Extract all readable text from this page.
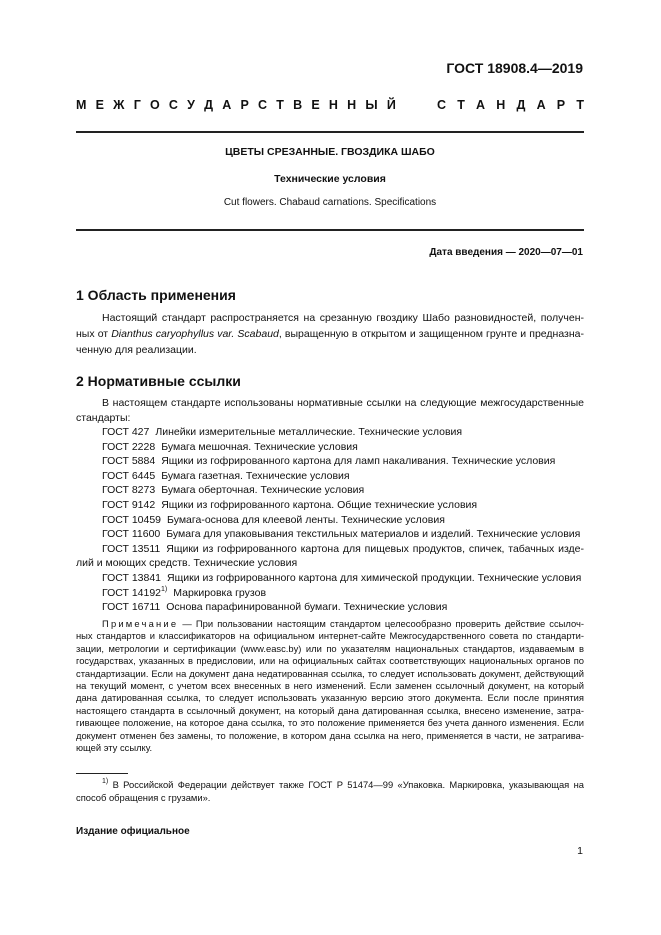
ГОСТ 18908.4—2019
М Е Ж Г О С У Д А Р С Т В Е Н Н Ы Й	С Т А Н Д А Р Т
ЦВЕТЫ СРЕЗАННЫЕ. ГВОЗДИКА ШАБО
Технические условия
Cut flowers. Chabaud carnations. Specifications
Дата введения — 2020—07—01
1 Область применения
Настоящий стандарт распространяется на срезанную гвоздику Шабо разновидностей, получен-ных от Dianthus caryophyllus var. Scabaud, выращенную в открытом и защищенном грунте и предназна-ченную для реализации.
2 Нормативные ссылки
В настоящем стандарте использованы нормативные ссылки на следующие межгосударственные стандарты:
ГОСТ 427 Линейки измерительные металлические. Технические условия
ГОСТ 2228 Бумага мешочная. Технические условия
ГОСТ 5884 Ящики из гофрированного картона для ламп накаливания. Технические условия
ГОСТ 6445 Бумага газетная. Технические условия
ГОСТ 8273 Бумага оберточная. Технические условия
ГОСТ 9142 Ящики из гофрированного картона. Общие технические условия
ГОСТ 10459 Бумага-основа для клеевой ленты. Технические условия
ГОСТ 11600 Бумага для упаковывания текстильных материалов и изделий. Технические условия
ГОСТ 13511 Ящики из гофрированного картона для пищевых продуктов, спичек, табачных изде-лий и моющих средств. Технические условия
ГОСТ 13841 Ящики из гофрированного картона для химической продукции. Технические условия
ГОСТ 14192$^{1)}$ Маркировка грузов
ГОСТ 16711 Основа парафинированной бумаги. Технические условия
Примечание — При пользовании настоящим стандартом целесообразно проверить действие ссылоч-ных стандартов и классификаторов на официальном интернет-сайте Межгосударственного совета по стандарти-зации, метрологии и сертификации (www.easc.by) или по указателям национальных стандартов, издаваемым в государствах, указанных в предисловии, или на официальных сайтах соответствующих национальных органов по стандартизации. Если на документ дана недатированная ссылка, то следует использовать документ, действующий на текущий момент, с учетом всех внесенных в него изменений. Если заменен ссылочный документ, на который дана датированная ссылка, то следует использовать указанную версию этого документа. Если после принятия настоящего стандарта в ссылочный документ, на который дана датированная ссылка, внесено изменение, затра-гивающее положение, на которое дана ссылка, то это положение применяется без учета данного изменения. Если документ отменен без замены, то положение, в котором дана ссылка на него, применяется в части, не затрагива-ющей эту ссылку.
$^{1)}$ В Российской Федерации действует также ГОСТ Р 51474—99 «Упаковка. Маркировка, указывающая на способ обращения с грузами».
Издание официальное
1
